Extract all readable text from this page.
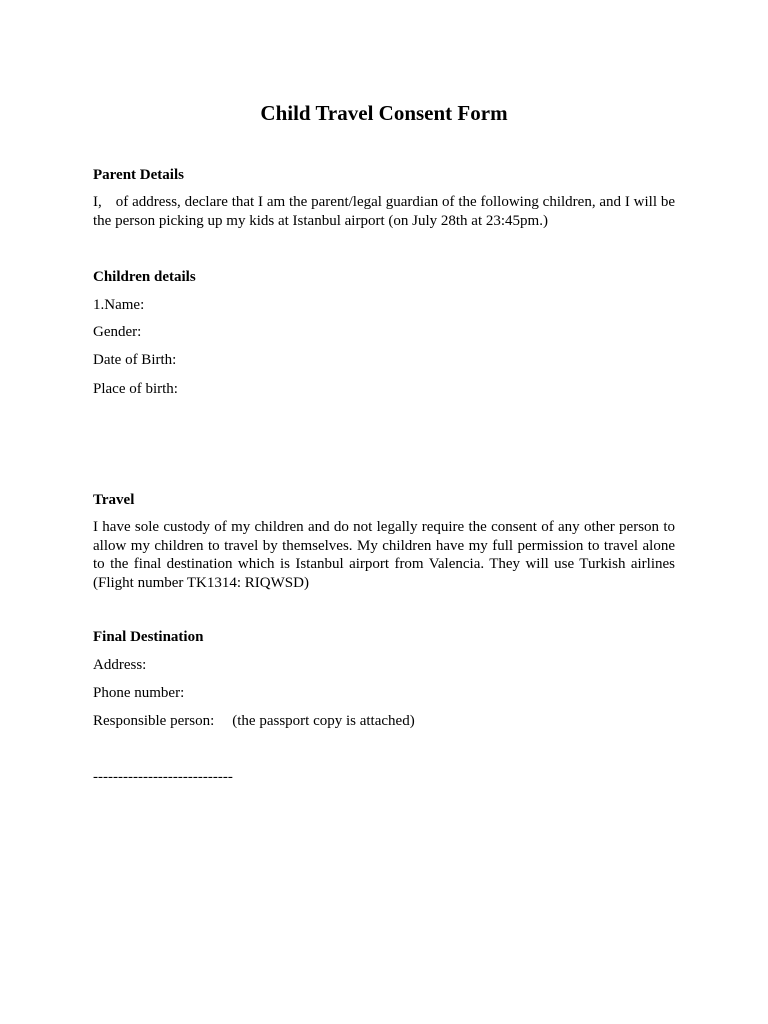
Child Travel Consent Form
Parent Details

I, of address, declare that I am the parent/legal guardian of the following children, and I will be the person picking up my kids at Istanbul airport (on July 28th at 23:45pm.)

Children details

1.Name:

Gender:

Date of Birth:

Place of birth:

Travel

I have sole custody of my children and do not legally require the consent of any other person to allow my children to travel by themselves. My children have my full permission to travel alone to the final destination which is Istanbul airport from Valencia. They will use Turkish airlines (Flight number TK1314: RIQWSD)

Final Destination

Address:

Phone number:

Responsible person: (the passport copy is attached)

----------------------------
